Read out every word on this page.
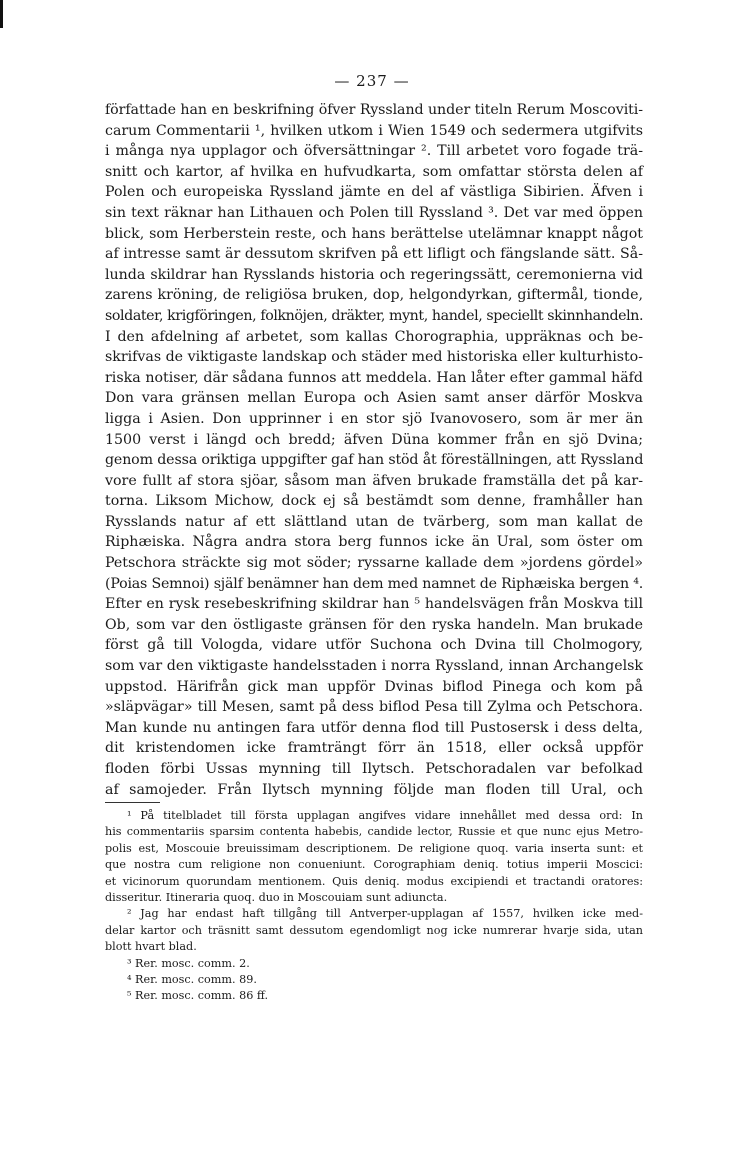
— 237 —
författade han en beskrifning öfver Ryssland under titeln Rerum Moscoviti-
carum Commentarii ¹, hvilken utkom i Wien 1549 och sedermera utgifvits
i många nya upplagor och öfversättningar ². Till arbetet voro fogade trä-
snitt och kartor, af hvilka en hufvudkarta, som omfattar största delen af
Polen och europeiska Ryssland jämte en del af västliga Sibirien. Äfven i
sin text räknar han Lithauen och Polen till Ryssland ³. Det var med öppen
blick, som Herberstein reste, och hans berättelse utelämnar knappt något
af intresse samt är dessutom skrifven på ett lifligt och fängslande sätt. Så-
lunda skildrar han Rysslands historia och regeringssätt, ceremonierna vid
zarens kröning, de religiösa bruken, dop, helgondyrkan, giftermål, tionde,
soldater, krigföringen, folknöjen, dräkter, mynt, handel, speciellt skinnhandeln.
I den afdelning af arbetet, som kallas Chorographia, uppräknas och be-
skrifvas de viktigaste landskap och städer med historiska eller kulturhisto-
riska notiser, där sådana funnos att meddela. Han låter efter gammal häfd
Don vara gränsen mellan Europa och Asien samt anser därför Moskva
ligga i Asien. Don upprinner i en stor sjö Ivanovosero, som är mer än
1500 verst i längd och bredd; äfven Düna kommer från en sjö Dvina;
genom dessa oriktiga uppgifter gaf han stöd åt föreställningen, att Ryssland
vore fullt af stora sjöar, såsom man äfven brukade framställa det på kar-
torna. Liksom Michow, dock ej så bestämdt som denne, framhåller han
Rysslands natur af ett slättland utan de tvärberg, som man kallat de
Riphæiska. Några andra stora berg funnos icke än Ural, som öster om
Petschora sträckte sig mot söder; ryssarne kallade dem »jordens gördel»
(Poias Semnoi) själf benämner han dem med namnet de Riphæiska bergen ⁴.
Efter en rysk resebeskrifning skildrar han ⁵ handelsvägen från Moskva till
Ob, som var den östligaste gränsen för den ryska handeln. Man brukade
först gå till Vologda, vidare utför Suchona och Dvina till Cholmogory,
som var den viktigaste handelsstaden i norra Ryssland, innan Archangelsk
uppstod. Härifrån gick man uppför Dvinas biflod Pinega och kom på
»släpvägar» till Mesen, samt på dess biflod Pesa till Zylma och Petschora.
Man kunde nu antingen fara utför denna flod till Pustosersk i dess delta,
dit kristendomen icke framträngt förr än 1518, eller också uppför
floden förbi Ussas mynning till Ilytsch. Petschoradalen var befolkad
af samojeder. Från Ilytsch mynning följde man floden till Ural, och
¹ På titelbladet till första upplagan angifves vidare innehållet med dessa ord: In
his commentariis sparsim contenta habebis, candide lector, Russie et que nunc ejus Metro-
polis est, Moscouie breuissimam descriptionem. De religione quoq. varia inserta sunt: et
que nostra cum religione non conueniunt. Corographiam deniq. totius imperii Moscici:
et vicinorum quorundam mentionem. Quis deniq. modus excipiendi et tractandi oratores:
disseritur. Itineraria quoq. duo in Moscouiam sunt adiuncta.
² Jag har endast haft tillgång till Antverper-upplagan af 1557, hvilken icke med-
delar kartor och träsnitt samt dessutom egendomligt nog icke numrerar hvarje sida, utan
blott hvart blad.
³ Rer. mosc. comm. 2.
⁴ Rer. mosc. comm. 89.
⁵ Rer. mosc. comm. 86 ff.
